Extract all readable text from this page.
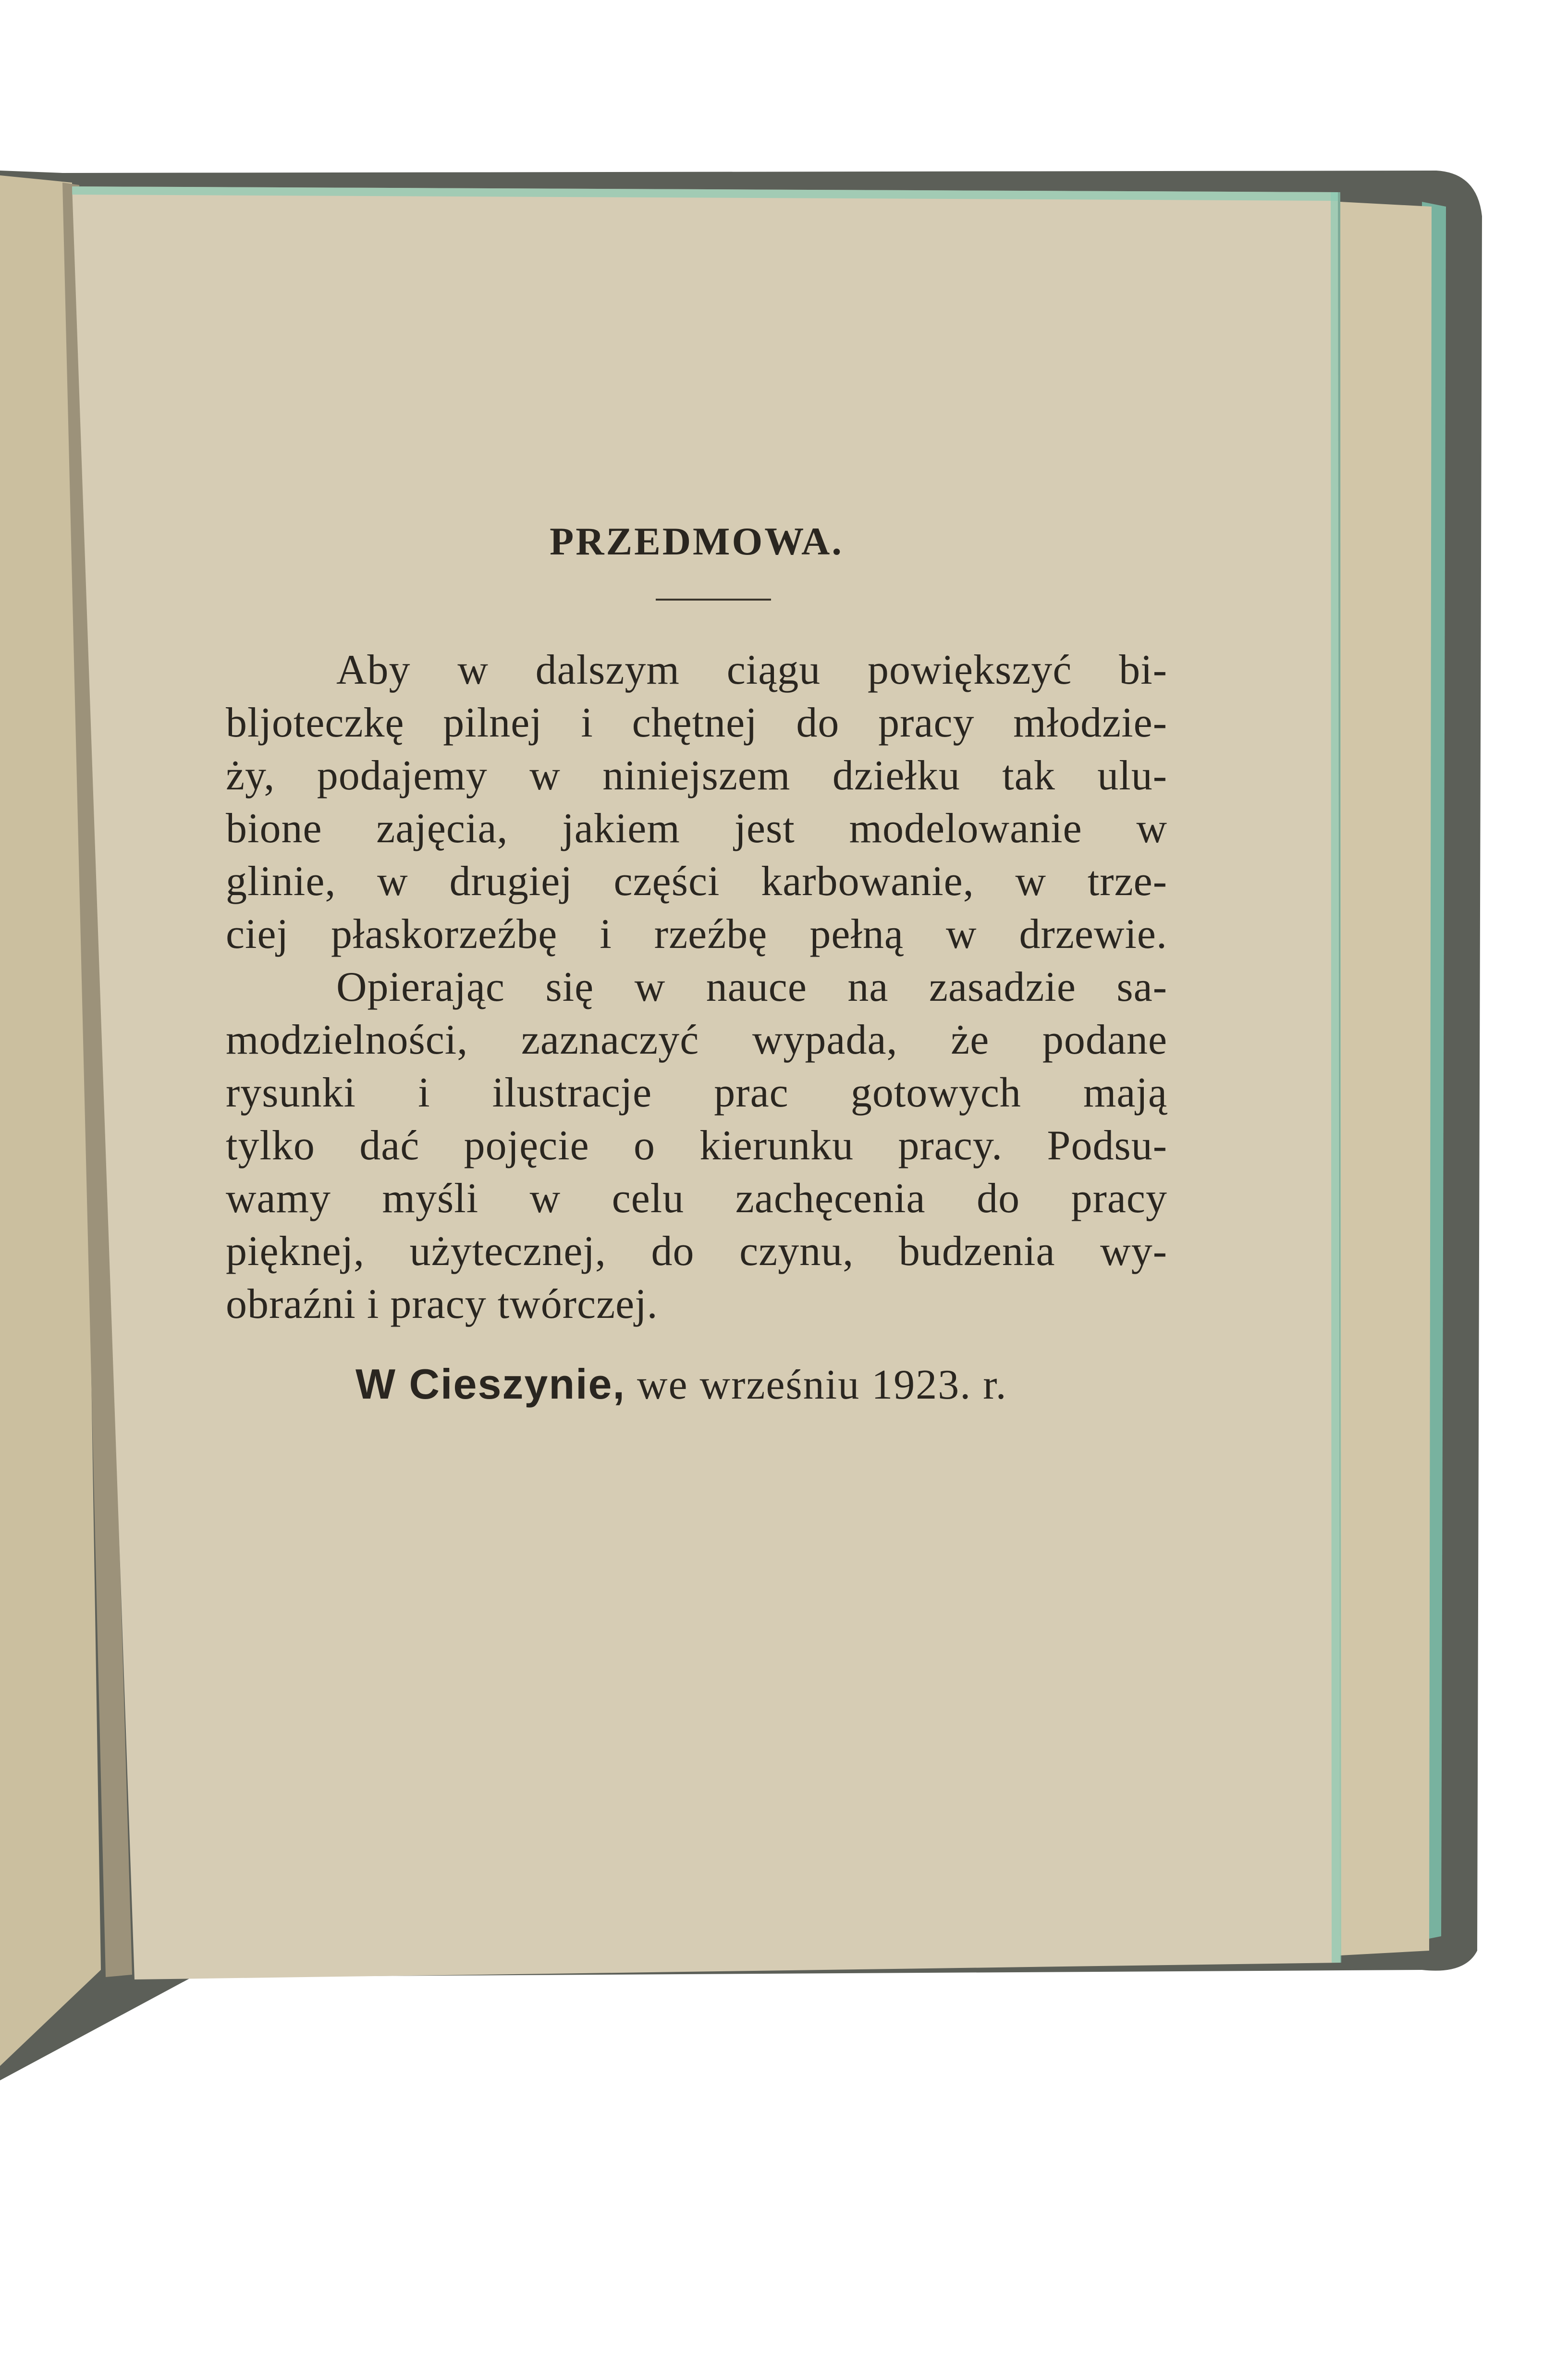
PRZEDMOWA.
Aby w dalszym ciągu powiększyć bi-
bljoteczkę pilnej i chętnej do pracy młodzie-
ży, podajemy w niniejszem dziełku tak ulu-
bione zajęcia, jakiem jest modelowanie w
glinie, w drugiej części karbowanie, w trze-
ciej płaskorzeźbę i rzeźbę pełną w drzewie.
Opierając się w nauce na zasadzie sa-
modzielności, zaznaczyć wypada, że podane
rysunki i ilustracje prac gotowych mają
tylko dać pojęcie o kierunku pracy. Podsu-
wamy myśli w celu zachęcenia do pracy
pięknej, użytecznej, do czynu, budzenia wy-
obraźni i pracy twórczej.
W Cieszynie, we wrześniu 1923. r.
